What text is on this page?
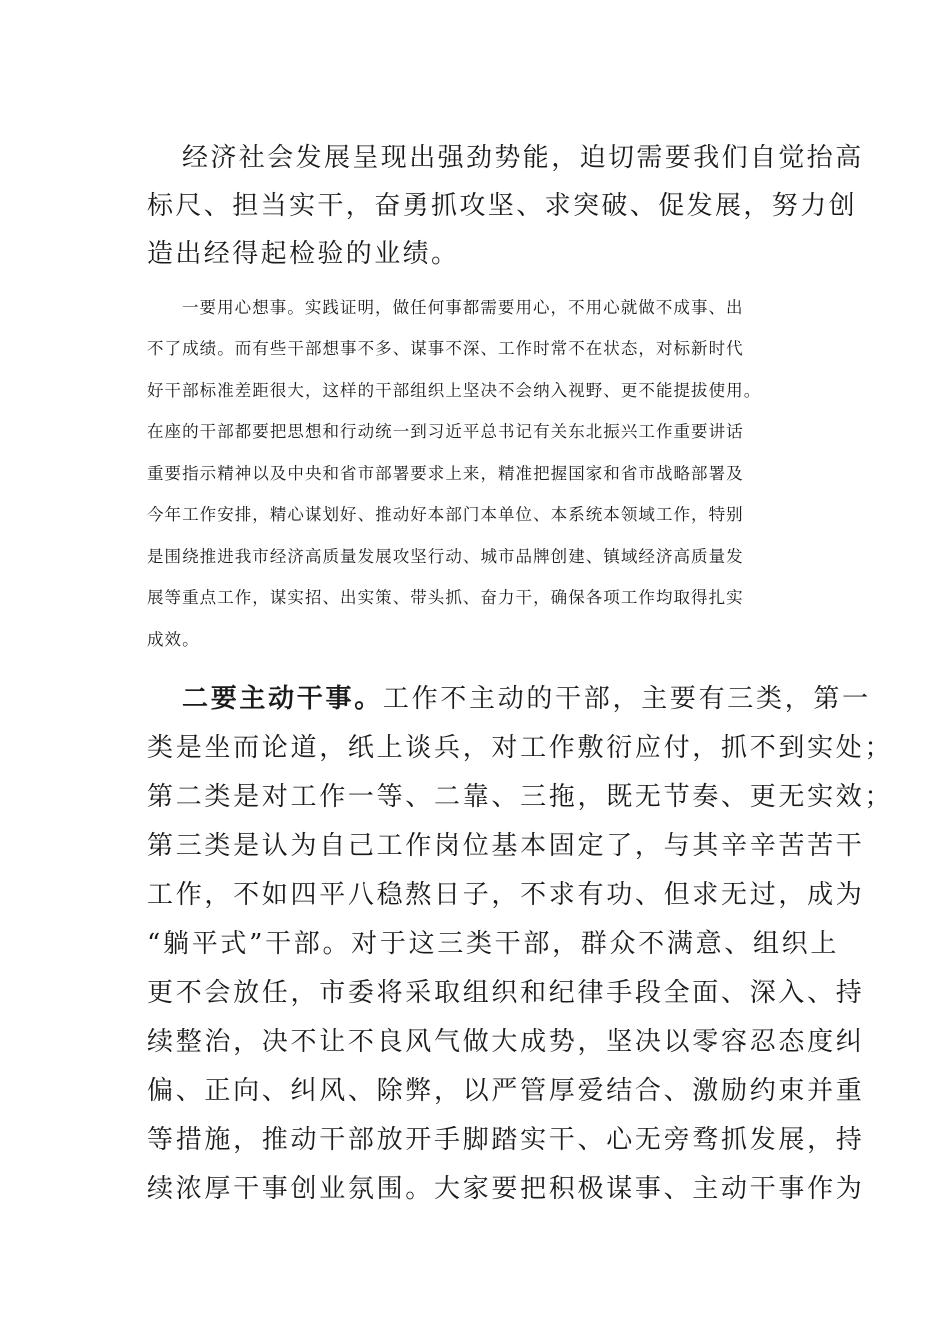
经济社会发展呈现出强劲势能，迫切需要我们自觉抬高

标尺、担当实干，奋勇抓攻坚、求突破、促发展，努力创

造出经得起检验的业绩。

一要用心想事。实践证明，做任何事都需要用心，不用心就做不成事、出

不了成绩。而有些干部想事不多、谋事不深、工作时常不在状态，对标新时代

好干部标准差距很大，这样的干部组织上坚决不会纳入视野、更不能提拔使用。

在座的干部都要把思想和行动统一到习近平总书记有关东北振兴工作重要讲话

重要指示精神以及中央和省市部署要求上来，精准把握国家和省市战略部署及

今年工作安排，精心谋划好、推动好本部门本单位、本系统本领域工作，特别

是围绕推进我市经济高质量发展攻坚行动、城市品牌创建、镇域经济高质量发

展等重点工作，谋实招、出实策、带头抓、奋力干，确保各项工作均取得扎实

成效。

二要主动干事。工作不主动的干部，主要有三类，第一

类是坐而论道，纸上谈兵，对工作敷衍应付，抓不到实处；

第二类是对工作一等、二靠、三拖，既无节奏、更无实效；

第三类是认为自己工作岗位基本固定了，与其辛辛苦苦干

工作，不如四平八稳熬日子，不求有功、但求无过，成为

“躺平式”干部。对于这三类干部，群众不满意、组织上

更不会放任，市委将采取组织和纪律手段全面、深入、持

续整治，决不让不良风气做大成势，坚决以零容忍态度纠

偏、正向、纠风、除弊，以严管厚爱结合、激励约束并重

等措施，推动干部放开手脚踏实干、心无旁骛抓发展，持

续浓厚干事创业氛围。大家要把积极谋事、主动干事作为
